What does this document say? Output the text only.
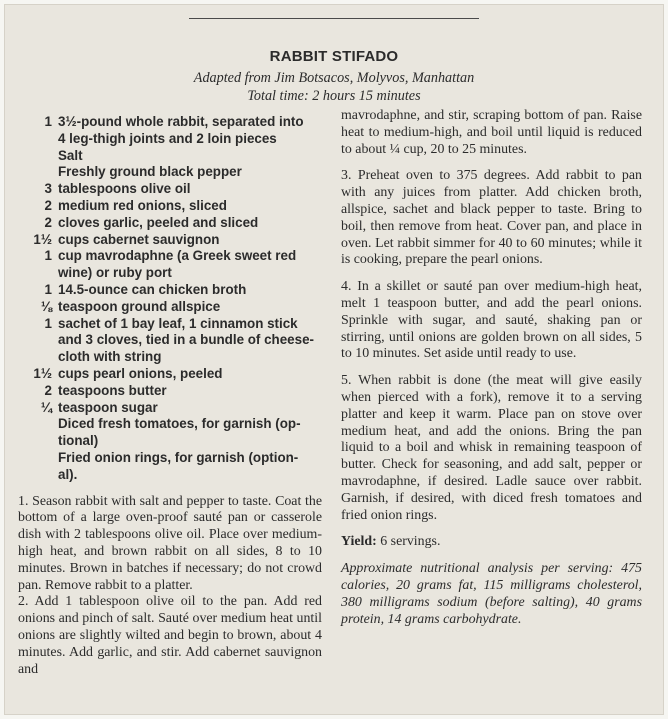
RABBIT STIFADO
Adapted from Jim Botsacos, Molyvos, Manhattan
Total time: 2 hours 15 minutes
1 3½-pound whole rabbit, separated into
4 leg-thigh joints and 2 loin pieces
Salt
Freshly ground black pepper
3 tablespoons olive oil
2 medium red onions, sliced
2 cloves garlic, peeled and sliced
1½ cups cabernet sauvignon
1 cup mavrodaphne (a Greek sweet red
wine) or ruby port
1 14.5-ounce can chicken broth
⅛ teaspoon ground allspice
1 sachet of 1 bay leaf, 1 cinnamon stick
and 3 cloves, tied in a bundle of cheese-
cloth with string
1½ cups pearl onions, peeled
2 teaspoons butter
¼ teaspoon sugar
Diced fresh tomatoes, for garnish (op-
tional)
Fried onion rings, for garnish (option-
al).

1. Season rabbit with salt and pepper to taste. Coat the bottom of a large oven-proof sauté pan or casserole dish with 2 tablespoons olive oil. Place over medium-high heat, and brown rabbit on all sides, 8 to 10 minutes. Brown in batches if necessary; do not crowd pan. Remove rabbit to a platter.

2. Add 1 tablespoon olive oil to the pan. Add red onions and pinch of salt. Sauté over medium heat until onions are slightly wilted and begin to brown, about 4 minutes. Add garlic, and stir. Add cabernet sauvignon and

mavrodaphne, and stir, scraping bottom of pan. Raise heat to medium-high, and boil until liquid is reduced to about ¼ cup, 20 to 25 minutes.

3. Preheat oven to 375 degrees. Add rabbit to pan with any juices from platter. Add chicken broth, allspice, sachet and black pepper to taste. Bring to boil, then remove from heat. Cover pan, and place in oven. Let rabbit simmer for 40 to 60 minutes; while it is cooking, prepare the pearl onions.

4. In a skillet or sauté pan over medium-high heat, melt 1 teaspoon butter, and add the pearl onions. Sprinkle with sugar, and sauté, shaking pan or stirring, until onions are golden brown on all sides, 5 to 10 minutes. Set aside until ready to use.

5. When rabbit is done (the meat will give easily when pierced with a fork), remove it to a serving platter and keep it warm. Place pan on stove over medium heat, and add the onions. Bring the pan liquid to a boil and whisk in remaining teaspoon of butter. Check for seasoning, and add salt, pepper or mavrodaphne, if desired. Ladle sauce over rabbit. Garnish, if desired, with diced fresh tomatoes and fried onion rings.

Yield: 6 servings.

Approximate nutritional analysis per serving: 475 calories, 20 grams fat, 115 milligrams cholesterol, 380 milligrams sodium (before salting), 40 grams protein, 14 grams carbohydrate.
